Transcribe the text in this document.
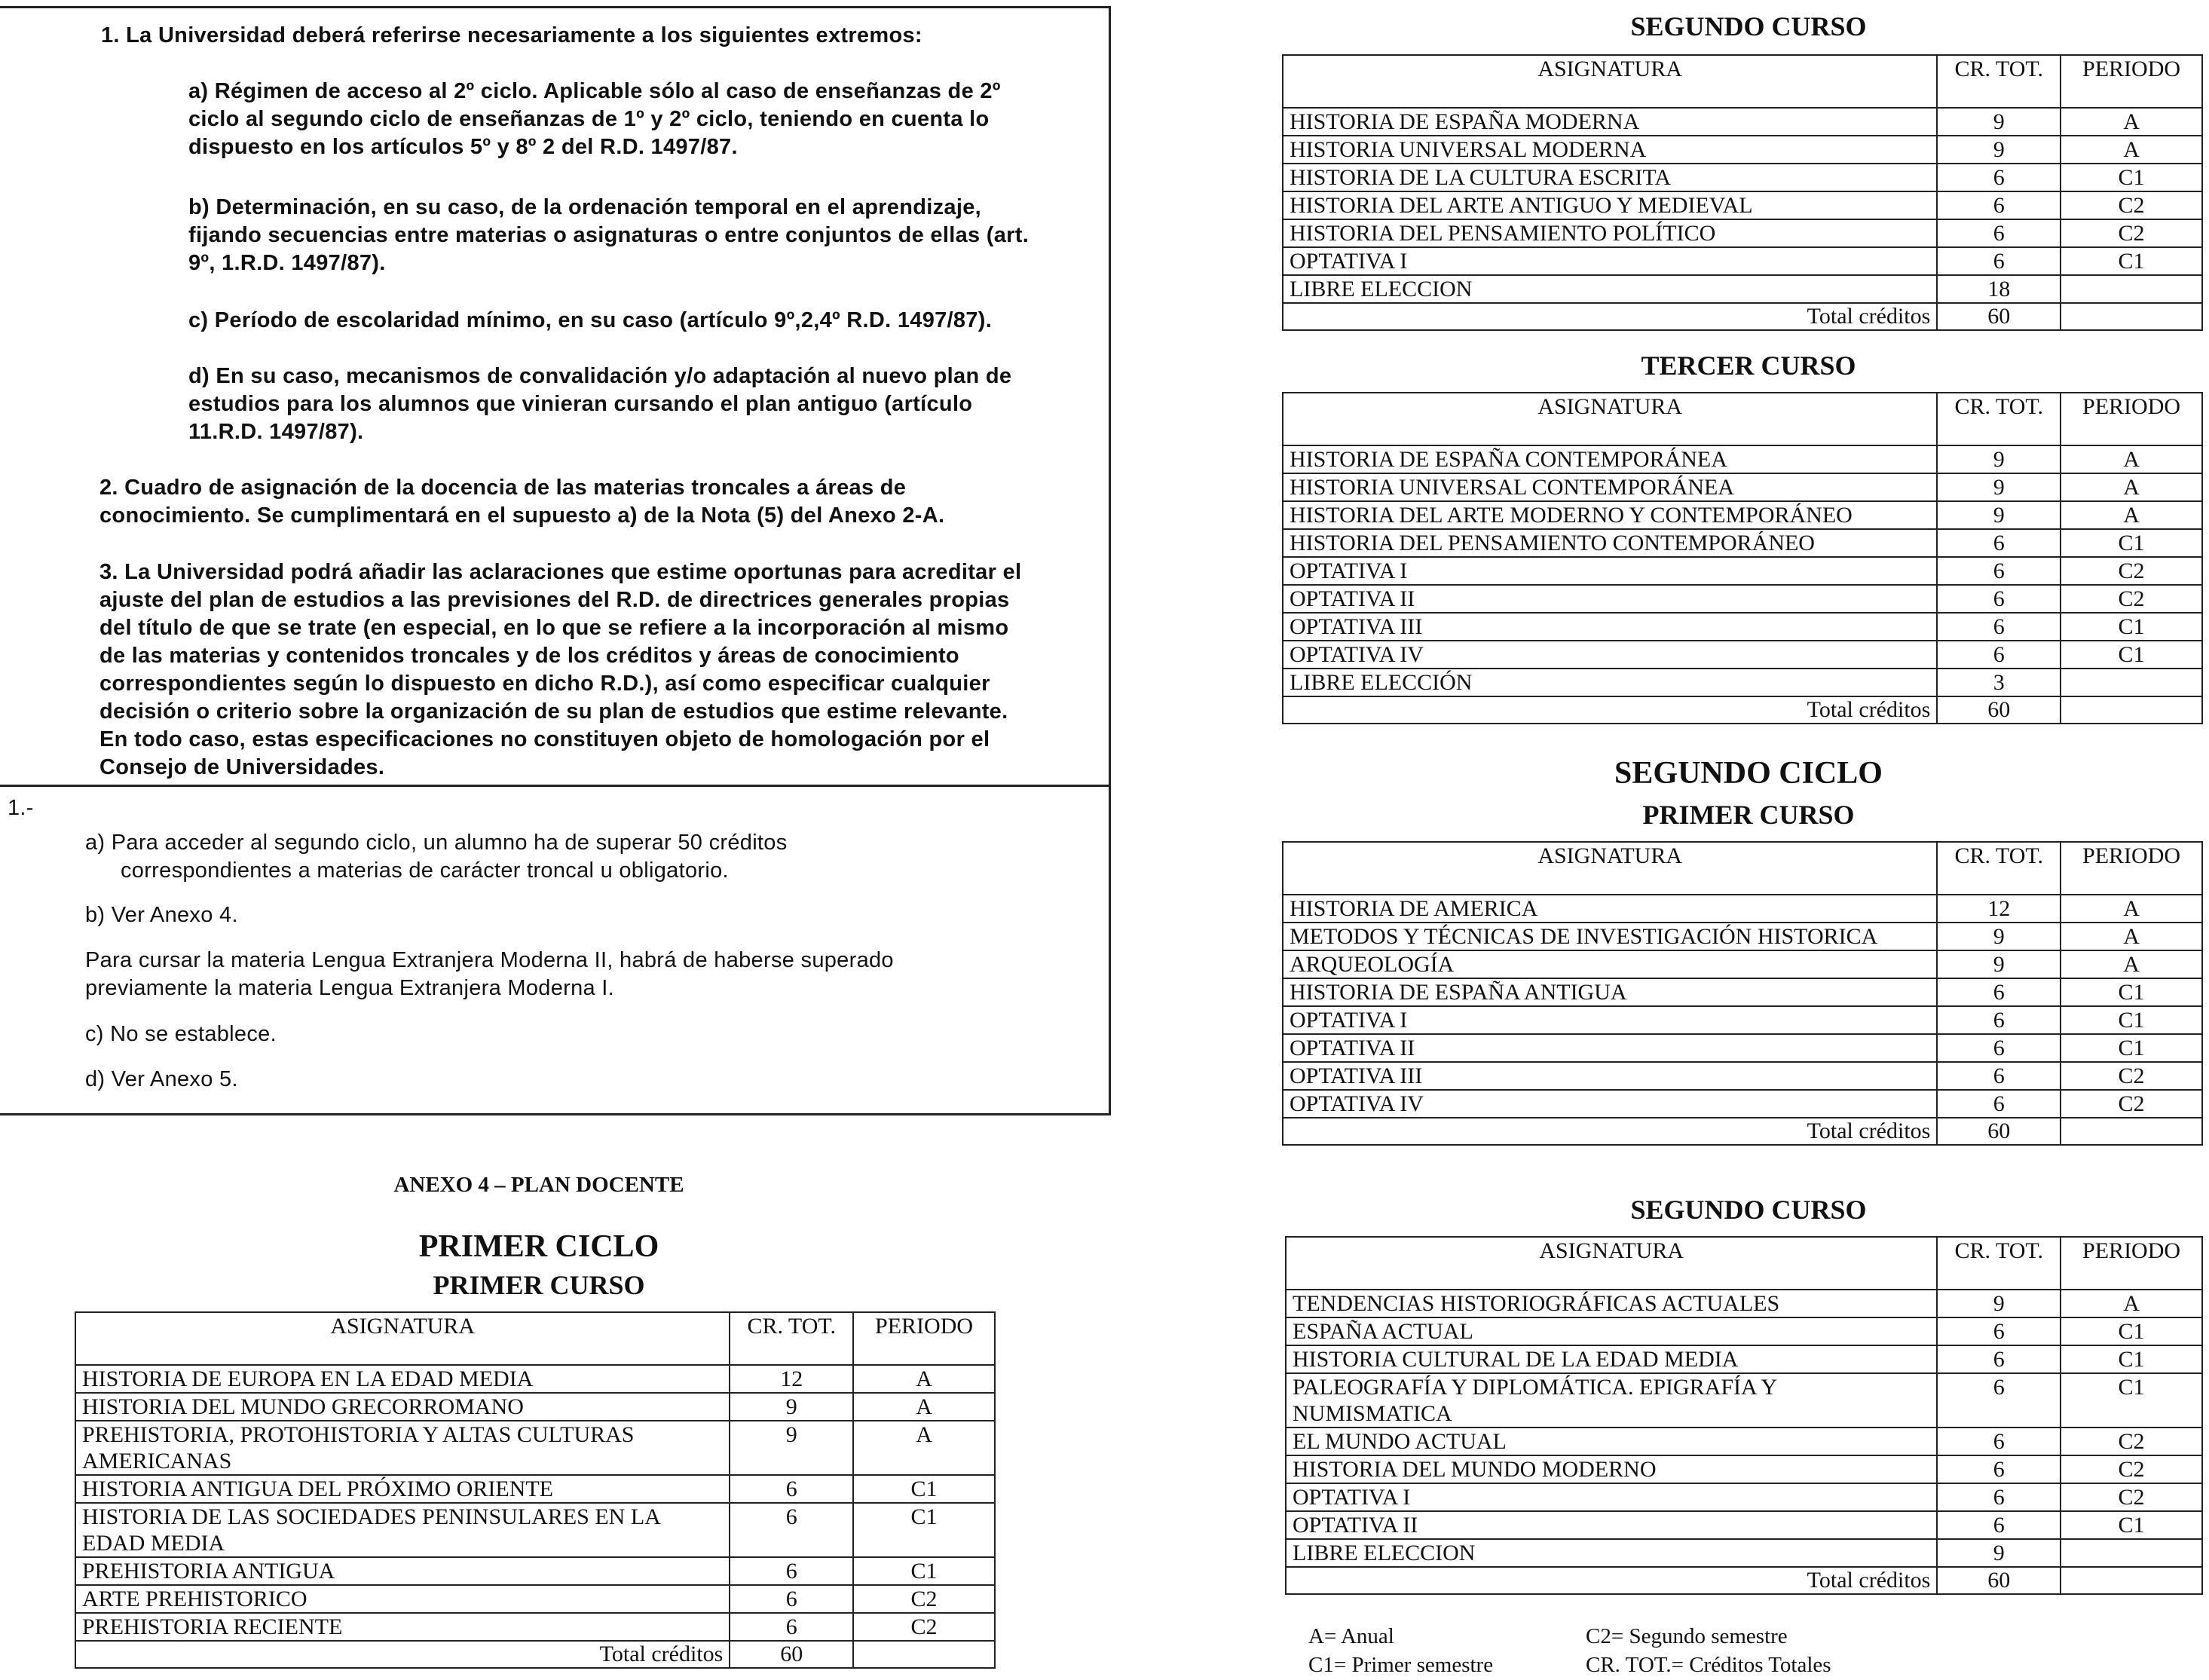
1. La Universidad deberá referirse necesariamente a los siguientes extremos:
a) Régimen de acceso al 2º ciclo. Aplicable sólo al caso de enseñanzas de 2º
ciclo al segundo ciclo de enseñanzas de 1º y 2º ciclo, teniendo en cuenta lo
dispuesto en los artículos 5º y 8º 2 del R.D. 1497/87.
b) Determinación, en su caso, de la ordenación temporal en el aprendizaje,
fijando secuencias entre materias o asignaturas o entre conjuntos de ellas (art.
9º, 1.R.D. 1497/87).
c) Período de escolaridad mínimo, en su caso (artículo 9º,2,4º R.D. 1497/87).
d) En su caso, mecanismos de convalidación y/o adaptación al nuevo plan de
estudios para los alumnos que vinieran cursando el plan antiguo (artículo
11.R.D. 1497/87).
2. Cuadro de asignación de la docencia de las materias troncales a áreas de
conocimiento. Se cumplimentará en el supuesto a) de la Nota (5) del Anexo 2-A.
3. La Universidad podrá añadir las aclaraciones que estime oportunas para acreditar el
ajuste del plan de estudios a las previsiones del R.D. de directrices generales propias
del título de que se trate (en especial, en lo que se refiere a la incorporación al mismo
de las materias y contenidos troncales y de los créditos y áreas de conocimiento
correspondientes según lo dispuesto en dicho R.D.), así como especificar cualquier
decisión o criterio sobre la organización de su plan de estudios que estime relevante.
En todo caso, estas especificaciones no constituyen objeto de homologación por el
Consejo de Universidades.
1.-
a) Para acceder al segundo ciclo, un alumno ha de superar 50 créditos
correspondientes a materias de carácter troncal u obligatorio.
b) Ver Anexo 4.
Para cursar la materia Lengua Extranjera Moderna II, habrá de haberse superado
previamente la materia Lengua Extranjera Moderna I.
c) No se establece.
d) Ver Anexo 5.
ANEXO 4 – PLAN DOCENTE
PRIMER CICLO
PRIMER CURSO
ASIGNATURA	CR. TOT.	PERIODO
HISTORIA DE EUROPA EN LA EDAD MEDIA	12	A
HISTORIA DEL MUNDO GRECORROMANO	9	A
PREHISTORIA, PROTOHISTORIA Y ALTAS CULTURAS AMERICANAS	9	A
HISTORIA ANTIGUA DEL PRÓXIMO ORIENTE	6	C1
HISTORIA DE LAS SOCIEDADES PENINSULARES EN LA EDAD MEDIA	6	C1
PREHISTORIA ANTIGUA	6	C1
ARTE PREHISTORICO	6	C2
PREHISTORIA RECIENTE	6	C2
Total créditos	60	
SEGUNDO CURSO
ASIGNATURA	CR. TOT.	PERIODO
HISTORIA DE ESPAÑA MODERNA	9	A
HISTORIA UNIVERSAL MODERNA	9	A
HISTORIA DE LA CULTURA ESCRITA	6	C1
HISTORIA DEL ARTE ANTIGUO Y MEDIEVAL	6	C2
HISTORIA DEL PENSAMIENTO POLÍTICO	6	C2
OPTATIVA I	6	C1
LIBRE ELECCION	18	
Total créditos	60	
TERCER CURSO
ASIGNATURA	CR. TOT.	PERIODO
HISTORIA DE ESPAÑA CONTEMPORÁNEA	9	A
HISTORIA UNIVERSAL CONTEMPORÁNEA	9	A
HISTORIA DEL ARTE MODERNO Y CONTEMPORÁNEO	9	A
HISTORIA DEL PENSAMIENTO CONTEMPORÁNEO	6	C1
OPTATIVA I	6	C2
OPTATIVA II	6	C2
OPTATIVA III	6	C1
OPTATIVA IV	6	C1
LIBRE ELECCIÓN	3	
Total créditos	60	
SEGUNDO CICLO
PRIMER CURSO
ASIGNATURA	CR. TOT.	PERIODO
HISTORIA DE AMERICA	12	A
METODOS Y TÉCNICAS DE INVESTIGACIÓN HISTORICA	9	A
ARQUEOLOGÍA	9	A
HISTORIA DE ESPAÑA ANTIGUA	6	C1
OPTATIVA I	6	C1
OPTATIVA II	6	C1
OPTATIVA III	6	C2
OPTATIVA IV	6	C2
Total créditos	60	
SEGUNDO CURSO
ASIGNATURA	CR. TOT.	PERIODO
TENDENCIAS HISTORIOGRÁFICAS ACTUALES	9	A
ESPAÑA ACTUAL	6	C1
HISTORIA CULTURAL DE LA EDAD MEDIA	6	C1
PALEOGRAFÍA Y DIPLOMÁTICA. EPIGRAFÍA Y NUMISMATICA	6	C1
EL MUNDO ACTUAL	6	C2
HISTORIA DEL MUNDO MODERNO	6	C2
OPTATIVA I	6	C2
OPTATIVA II	6	C1
LIBRE ELECCION	9	
Total créditos	60	
A= Anual
C1= Primer semestre
C2= Segundo semestre
CR. TOT.= Créditos Totales
